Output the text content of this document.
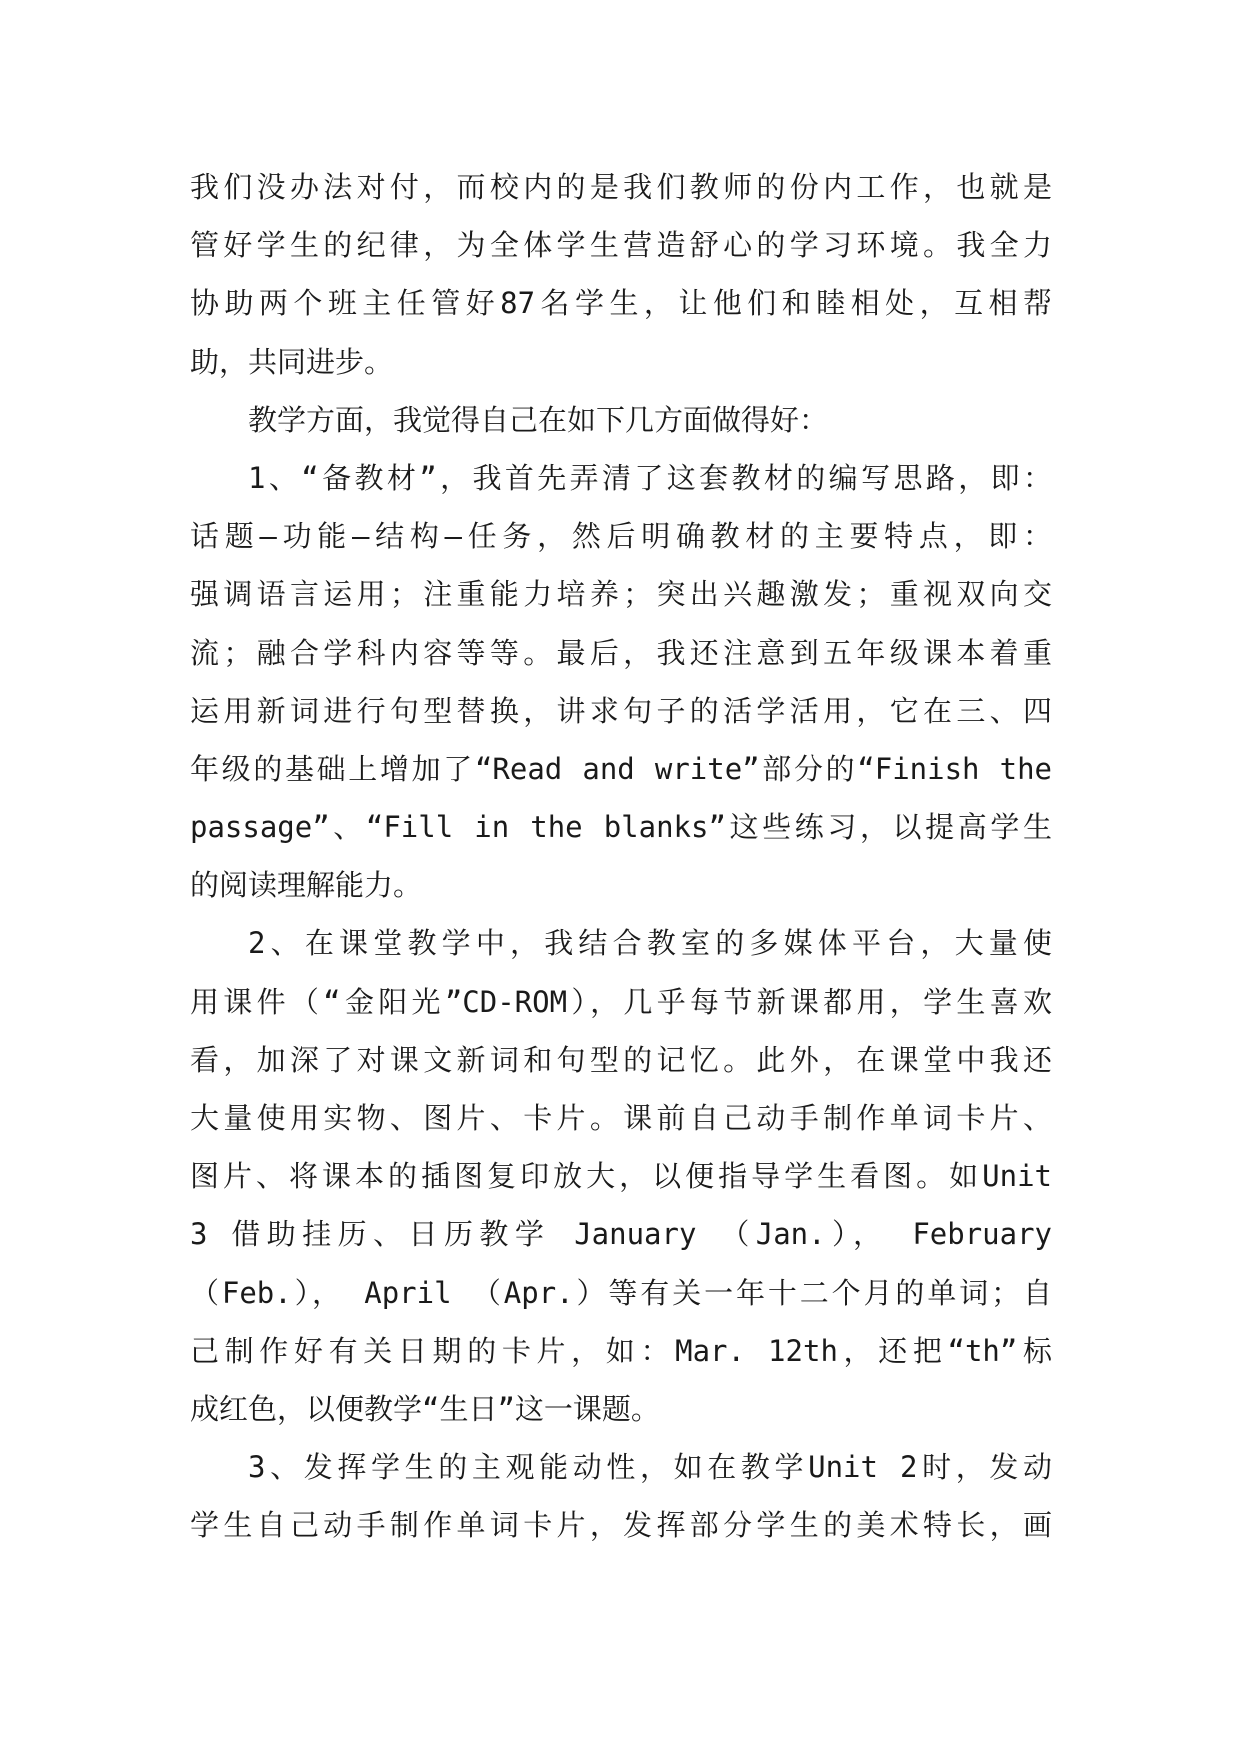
我们没办法对付，而校内的是我们教师的份内工作，也就是
管好学生的纪律，为全体学生营造舒心的学习环境。我全力
协助两个班主任管好87名学生，让他们和睦相处，互相帮
助，共同进步。
教学方面，我觉得自己在如下几方面做得好：
1、“备教材”，我首先弄清了这套教材的编写思路，即：
话题—功能—结构—任务，然后明确教材的主要特点，即：
强调语言运用；注重能力培养；突出兴趣激发；重视双向交
流；融合学科内容等等。最后，我还注意到五年级课本着重
运用新词进行句型替换，讲求句子的活学活用，它在三、四
年级的基础上增加了“Read and write”部分的“Finish the
passage”、“Fill in the blanks”这些练习，以提高学生
的阅读理解能力。
2、在课堂教学中，我结合教室的多媒体平台，大量使
用课件（“金阳光”CD-ROM），几乎每节新课都用，学生喜欢
看，加深了对课文新词和句型的记忆。此外，在课堂中我还
大量使用实物、图片、卡片。课前自己动手制作单词卡片、
图片、将课本的插图复印放大，以便指导学生看图。如Unit
3 借助挂历、日历教学 January （Jan.）， February
（Feb.）， April （Apr.）等有关一年十二个月的单词；自
己制作好有关日期的卡片，如：Mar. 12th，还把“th”标
成红色，以便教学“生日”这一课题。
3、发挥学生的主观能动性，如在教学Unit 2时，发动
学生自己动手制作单词卡片，发挥部分学生的美术特长，画
